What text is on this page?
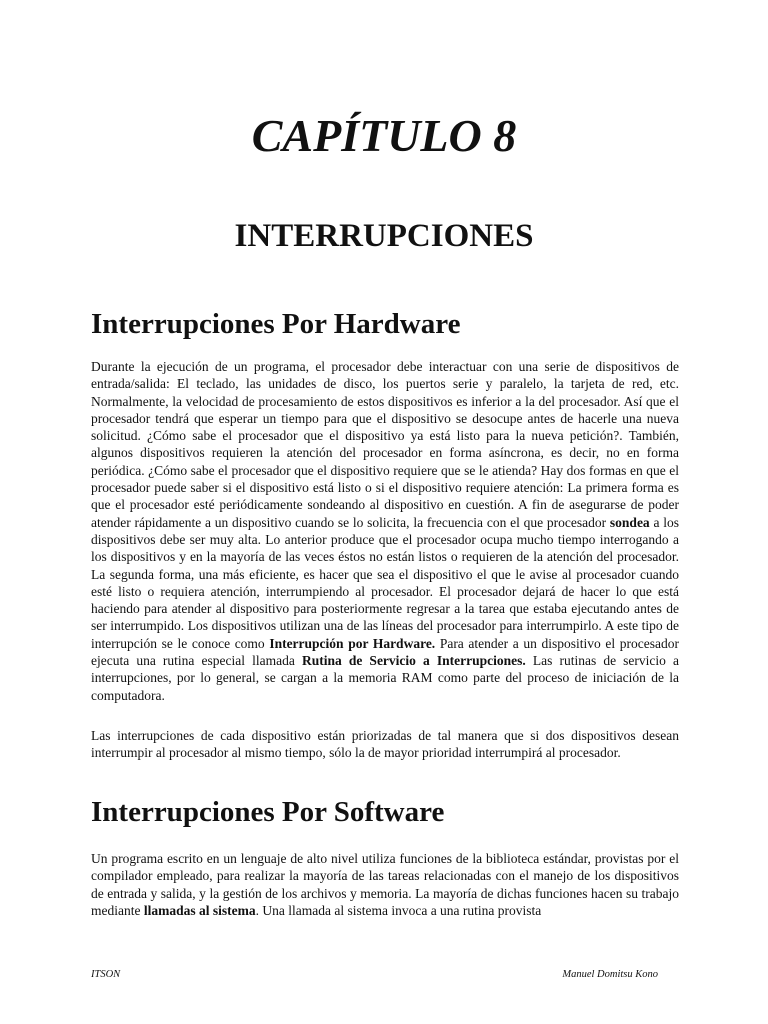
CAPÍTULO 8
INTERRUPCIONES
Interrupciones Por Hardware

Durante la ejecución de un programa, el procesador debe interactuar con una serie de dispositivos de entrada/salida: El teclado, las unidades de disco, los puertos serie y paralelo, la tarjeta de red, etc. Normalmente, la velocidad de procesamiento de estos dispositivos es inferior a la del procesador. Así que el procesador tendrá que esperar un tiempo para que el dispositivo se desocupe antes de hacerle una nueva solicitud. ¿Cómo sabe el procesador que el dispositivo ya está listo para la nueva petición?. También, algunos dispositivos requieren la atención del procesador en forma asíncrona, es decir, no en forma periódica. ¿Cómo sabe el procesador que el dispositivo requiere que se le atienda? Hay dos formas en que el procesador puede saber si el dispositivo está listo o si el dispositivo requiere atención: La primera forma es que el procesador esté periódicamente sondeando al dispositivo en cuestión. A fin de asegurarse de poder atender rápidamente a un dispositivo cuando se lo solicita, la frecuencia con el que procesador sondea a los dispositivos debe ser muy alta. Lo anterior produce que el procesador ocupa mucho tiempo interrogando a los dispositivos y en la mayoría de las veces éstos no están listos o requieren de la atención del procesador. La segunda forma, una más eficiente, es hacer que sea el dispositivo el que le avise al procesador cuando esté listo o requiera atención, interrumpiendo al procesador. El procesador dejará de hacer lo que está haciendo para atender al dispositivo para posteriormente regresar a la tarea que estaba ejecutando antes de ser interrumpido. Los dispositivos utilizan una de las líneas del procesador para interrumpirlo. A este tipo de interrupción se le conoce como Interrupción por Hardware. Para atender a un dispositivo el procesador ejecuta una rutina especial llamada Rutina de Servicio a Interrupciones. Las rutinas de servicio a interrupciones, por lo general, se cargan a la memoria RAM como parte del proceso de iniciación de la computadora.

Las interrupciones de cada dispositivo están priorizadas de tal manera que si dos dispositivos desean interrumpir al procesador al mismo tiempo, sólo la de mayor prioridad interrumpirá al procesador.

Interrupciones Por Software

Un programa escrito en un lenguaje de alto nivel utiliza funciones de la biblioteca estándar, provistas por el compilador empleado, para realizar la mayoría de las tareas relacionadas con el manejo de los dispositivos de entrada y salida, y la gestión de los archivos y memoria. La mayoría de dichas funciones hacen su trabajo mediante llamadas al sistema. Una llamada al sistema invoca a una rutina provista

ITSON	Manuel Domitsu Kono
